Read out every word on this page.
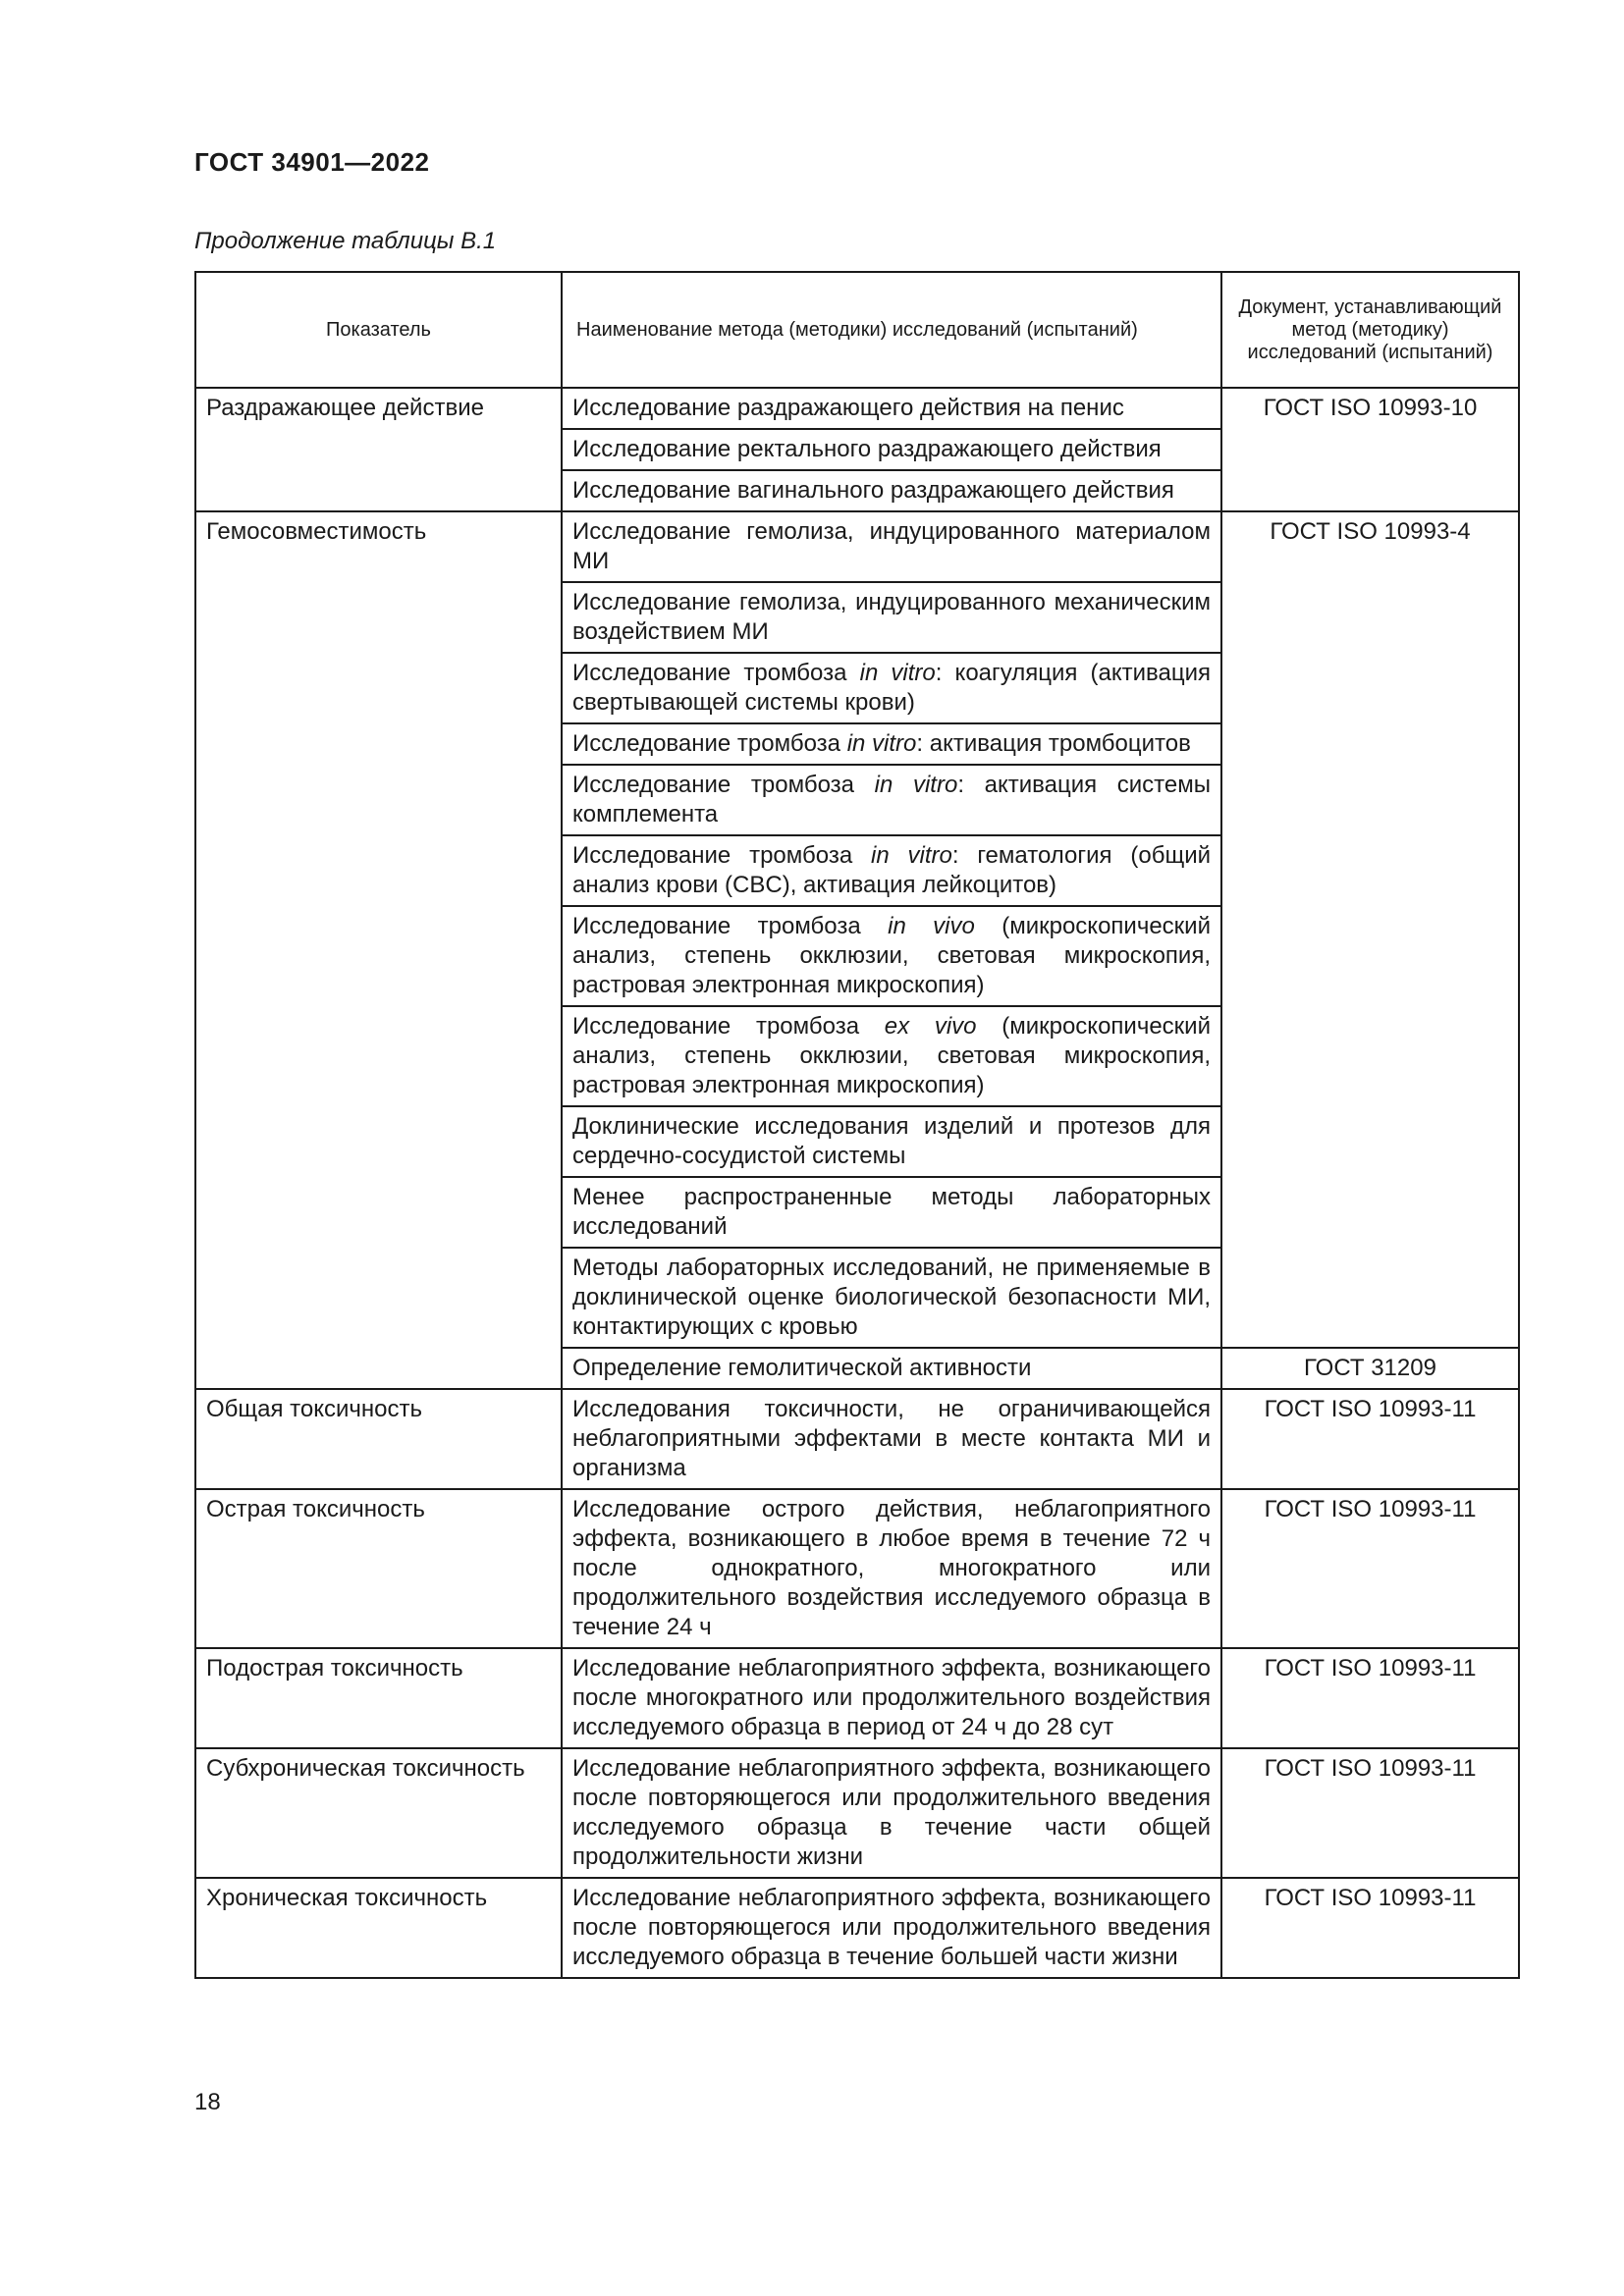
ГОСТ 34901—2022
Продолжение таблицы В.1
Показатель	Наименование метода (методики) исследований (испытаний)	Документ, устанавливающий метод (методику) исследований (испытаний)
Раздражающее действие	Исследование раздражающего действия на пенис	ГОСТ ISO 10993-10
	Исследование ректального раздражающего действия	
	Исследование вагинального раздражающего действия	
Гемосовместимость	Исследование гемолиза, индуцированного материалом МИ	ГОСТ ISO 10993-4
	Исследование гемолиза, индуцированного механическим воздействием МИ	
	Исследование тромбоза in vitro: коагуляция (активация свертывающей системы крови)	
	Исследование тромбоза in vitro: активация тромбоцитов	
	Исследование тромбоза in vitro: активация системы комплемента	
	Исследование тромбоза in vitro: гематология (общий анализ крови (CBC), активация лейкоцитов)	
	Исследование тромбоза in vivo (микроскопический анализ, степень окклюзии, световая микроскопия, растровая электронная микроскопия)	
	Исследование тромбоза ex vivo (микроскопический анализ, степень окклюзии, световая микроскопия, растровая электронная микроскопия)	
	Доклинические исследования изделий и протезов для сердечно-сосудистой системы	
	Менее распространенные методы лабораторных исследований	
	Методы лабораторных исследований, не применяемые в доклинической оценке биологической безопасности МИ, контактирующих с кровью	
	Определение гемолитической активности	ГОСТ 31209
Общая токсичность	Исследования токсичности, не ограничивающейся неблагоприятными эффектами в месте контакта МИ и организма	ГОСТ ISO 10993-11
Острая токсичность	Исследование острого действия, неблагоприятного эффекта, возникающего в любое время в течение 72 ч после однократного, многократного или продолжительного воздействия исследуемого образца в течение 24 ч	ГОСТ ISO 10993-11
Подострая токсичность	Исследование неблагоприятного эффекта, возникающего после многократного или продолжительного воздействия исследуемого образца в период от 24 ч до 28 сут	ГОСТ ISO 10993-11
Субхроническая токсичность	Исследование неблагоприятного эффекта, возникающего после повторяющегося или продолжительного введения исследуемого образца в течение части общей продолжительности жизни	ГОСТ ISO 10993-11
Хроническая токсичность	Исследование неблагоприятного эффекта, возникающего после повторяющегося или продолжительного введения исследуемого образца в течение большей части жизни	ГОСТ ISO 10993-11
18
